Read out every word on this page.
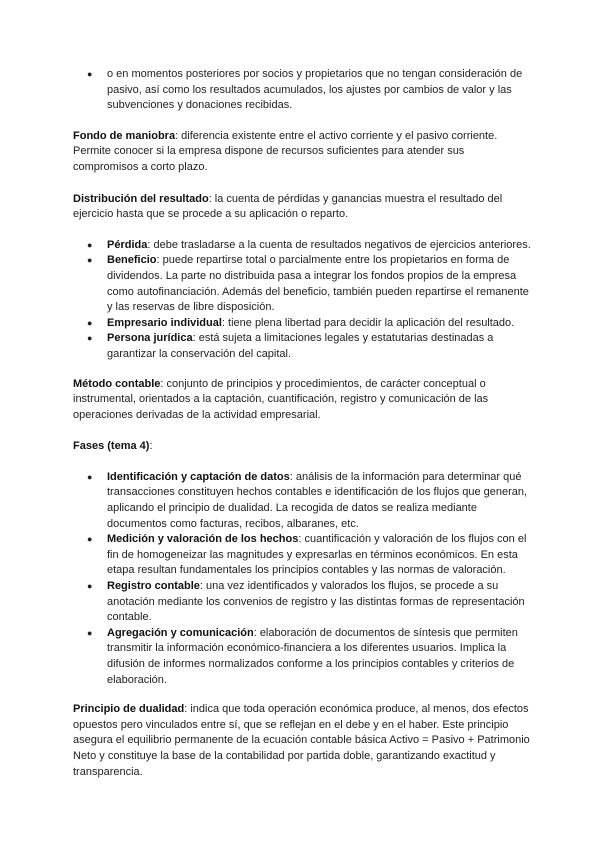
● o en momentos posteriores por socios y propietarios que no tengan consideración de pasivo, así como los resultados acumulados, los ajustes por cambios de valor y las subvenciones y donaciones recibidas.

Fondo de maniobra: diferencia existente entre el activo corriente y el pasivo corriente. Permite conocer si la empresa dispone de recursos suficientes para atender sus compromisos a corto plazo.

Distribución del resultado: la cuenta de pérdidas y ganancias muestra el resultado del ejercicio hasta que se procede a su aplicación o reparto.

● Pérdida: debe trasladarse a la cuenta de resultados negativos de ejercicios anteriores.
● Beneficio: puede repartirse total o parcialmente entre los propietarios en forma de dividendos. La parte no distribuida pasa a integrar los fondos propios de la empresa como autofinanciación. Además del beneficio, también pueden repartirse el remanente y las reservas de libre disposición.
● Empresario individual: tiene plena libertad para decidir la aplicación del resultado.
● Persona jurídica: está sujeta a limitaciones legales y estatutarias destinadas a garantizar la conservación del capital.

Método contable: conjunto de principios y procedimientos, de carácter conceptual o instrumental, orientados a la captación, cuantificación, registro y comunicación de las operaciones derivadas de la actividad empresarial.

Fases (tema 4):

● Identificación y captación de datos: análisis de la información para determinar qué transacciones constituyen hechos contables e identificación de los flujos que generan, aplicando el principio de dualidad. La recogida de datos se realiza mediante documentos como facturas, recibos, albaranes, etc.
● Medición y valoración de los hechos: cuantificación y valoración de los flujos con el fin de homogeneizar las magnitudes y expresarlas en términos económicos. En esta etapa resultan fundamentales los principios contables y las normas de valoración.
● Registro contable: una vez identificados y valorados los flujos, se procede a su anotación mediante los convenios de registro y las distintas formas de representación contable.
● Agregación y comunicación: elaboración de documentos de síntesis que permiten transmitir la información económico-financiera a los diferentes usuarios. Implica la difusión de informes normalizados conforme a los principios contables y criterios de elaboración.

Principio de dualidad: indica que toda operación económica produce, al menos, dos efectos opuestos pero vinculados entre sí, que se reflejan en el debe y en el haber. Este principio asegura el equilibrio permanente de la ecuación contable básica Activo = Pasivo + Patrimonio Neto y constituye la base de la contabilidad por partida doble, garantizando exactitud y transparencia.
